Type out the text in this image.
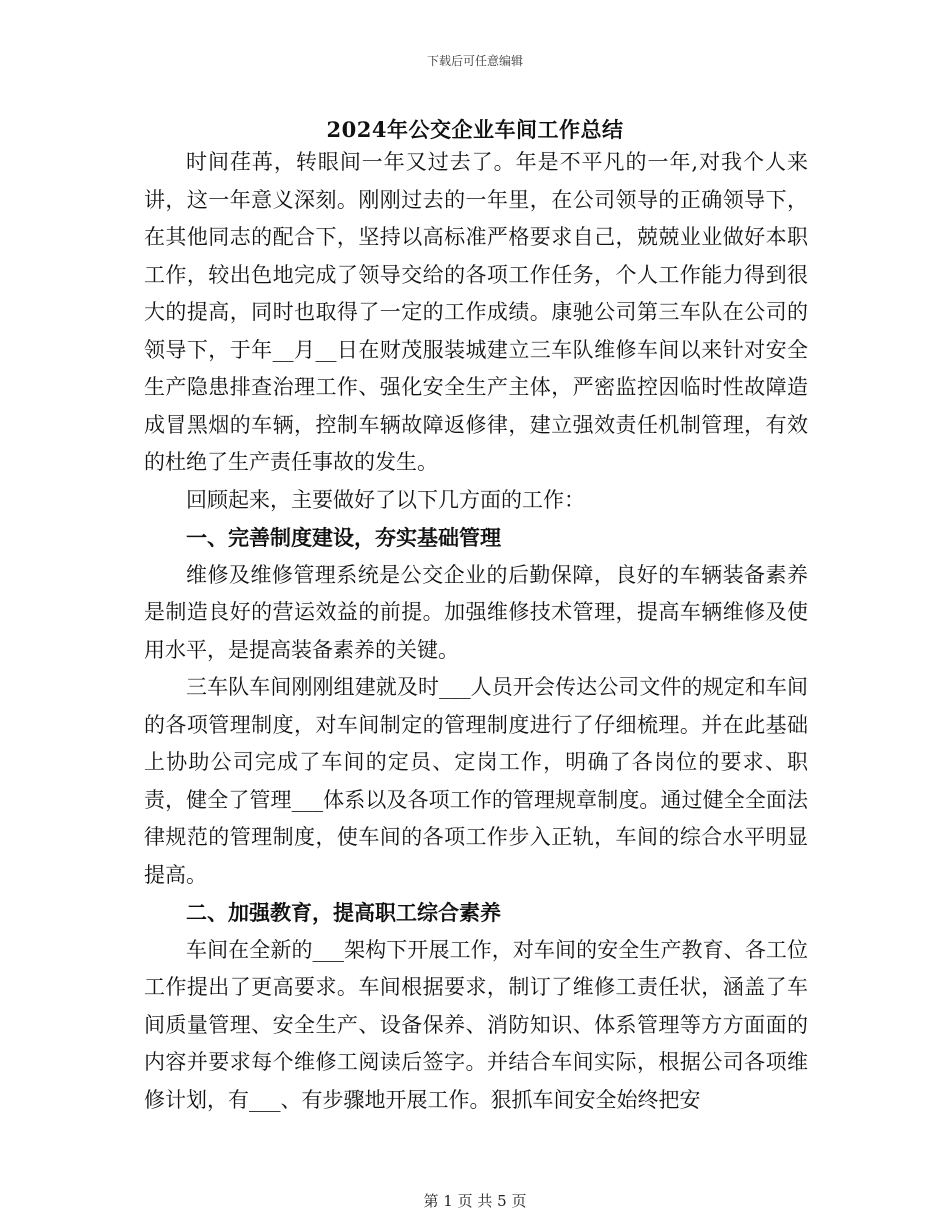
下载后可任意编辑
2024年公交企业车间工作总结

时间荏苒，转眼间一年又过去了。年是不平凡的一年,对我个人来讲，这一年意义深刻。刚刚过去的一年里，在公司领导的正确领导下，在其他同志的配合下，坚持以高标准严格要求自己，兢兢业业做好本职工作，较出色地完成了领导交给的各项工作任务，个人工作能力得到很大的提高，同时也取得了一定的工作成绩。康驰公司第三车队在公司的领导下，于年__月__日在财茂服装城建立三车队维修车间以来针对安全生产隐患排查治理工作、强化安全生产主体，严密监控因临时性故障造成冒黑烟的车辆，控制车辆故障返修律，建立强效责任机制管理，有效的杜绝了生产责任事故的发生。

回顾起来，主要做好了以下几方面的工作：

一、完善制度建设，夯实基础管理

维修及维修管理系统是公交企业的后勤保障，良好的车辆装备素养是制造良好的营运效益的前提。加强维修技术管理，提高车辆维修及使用水平，是提高装备素养的关键。

三车队车间刚刚组建就及时___人员开会传达公司文件的规定和车间的各项管理制度，对车间制定的管理制度进行了仔细梳理。并在此基础上协助公司完成了车间的定员、定岗工作，明确了各岗位的要求、职责，健全了管理___体系以及各项工作的管理规章制度。通过健全全面法律规范的管理制度，使车间的各项工作步入正轨，车间的综合水平明显提高。

二、加强教育，提高职工综合素养

车间在全新的___架构下开展工作，对车间的安全生产教育、各工位工作提出了更高要求。车间根据要求，制订了维修工责任状，涵盖了车间质量管理、安全生产、设备保养、消防知识、体系管理等方方面面的内容并要求每个维修工阅读后签字。并结合车间实际，根据公司各项维修计划，有___、有步骤地开展工作。狠抓车间安全始终把安

第 1 页 共 5 页
